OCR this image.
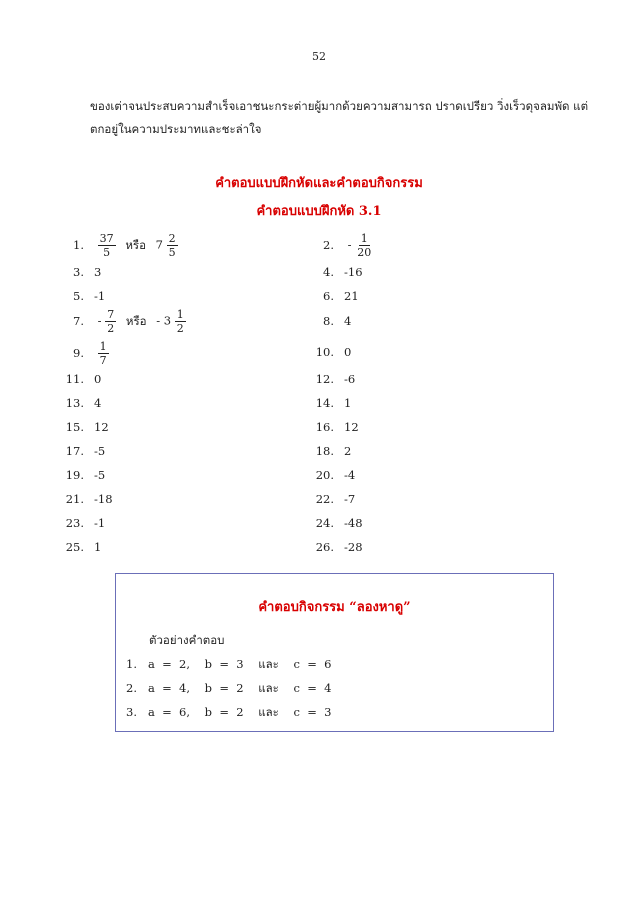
52
ของเต่าจนประสบความสำเร็จเอาชนะกระต่ายผู้มากด้วยความสามารถ ปราดเปรียว วิ่งเร็วดุจลมพัด แต่
ตกอยู่ในความประมาทและชะล่าใจ
คำตอบแบบฝึกหัดและคำตอบกิจกรรม
คำตอบแบบฝึกหัด 3.1
1. $\frac{37}{5}$ หรือ $7 \frac{2}{5}$	2. - $\frac{1}{20}$
3. 3	4. -16
5. -1	6. 21
7. - $\frac{7}{2}$ หรือ - $3 \frac{1}{2}$	8. 4
9. $\frac{1}{7}$	10. 0
11. 0	12. -6
13. 4	14. 1
15. 12	16. 12
17. -5	18. 2
19. -5	20. -4
21. -18	22. -7
23. -1	24. -48
25. 1	26. -28
คำตอบกิจกรรม “ลองหาดู”
ตัวอย่างคำตอบ
1.   a  =  2,    b  =  3    และ    c  =  6
2.   a  =  4,    b  =  2    และ    c  =  4
3.   a  =  6,    b  =  2    และ    c  =  3
